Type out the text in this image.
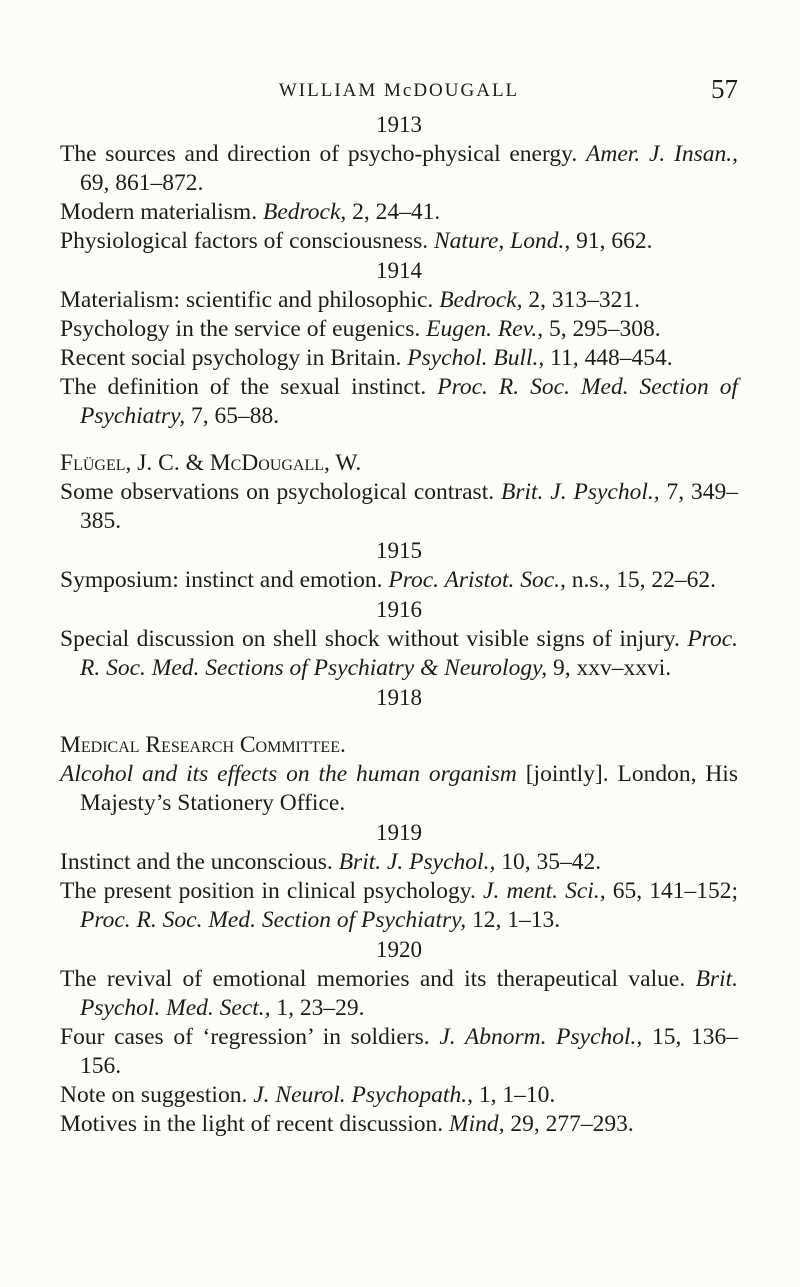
WILLIAM McDOUGALL	57
1913

The sources and direction of psycho-physical energy. Amer. J. Insan., 69, 861–872.

Modern materialism. Bedrock, 2, 24–41.

Physiological factors of consciousness. Nature, Lond., 91, 662.

1914

Materialism: scientific and philosophic. Bedrock, 2, 313–321.

Psychology in the service of eugenics. Eugen. Rev., 5, 295–308.

Recent social psychology in Britain. Psychol. Bull., 11, 448–454.

The definition of the sexual instinct. Proc. R. Soc. Med. Section of Psychiatry, 7, 65–88.

Flügel, J. C. & McDougall, W.

Some observations on psychological contrast. Brit. J. Psychol., 7, 349–385.

1915

Symposium: instinct and emotion. Proc. Aristot. Soc., n.s., 15, 22–62.

1916

Special discussion on shell shock without visible signs of injury. Proc. R. Soc. Med. Sections of Psychiatry & Neurology, 9, xxv–xxvi.

1918
Medical Research Committee.

Alcohol and its effects on the human organism [jointly]. London, His Majesty’s Stationery Office.

1919

Instinct and the unconscious. Brit. J. Psychol., 10, 35–42.

The present position in clinical psychology. J. ment. Sci., 65, 141–152; Proc. R. Soc. Med. Section of Psychiatry, 12, 1–13.

1920

The revival of emotional memories and its therapeutical value. Brit. Psychol. Med. Sect., 1, 23–29.

Four cases of ‘regression’ in soldiers. J. Abnorm. Psychol., 15, 136–156.

Note on suggestion. J. Neurol. Psychopath., 1, 1–10.

Motives in the light of recent discussion. Mind, 29, 277–293.
